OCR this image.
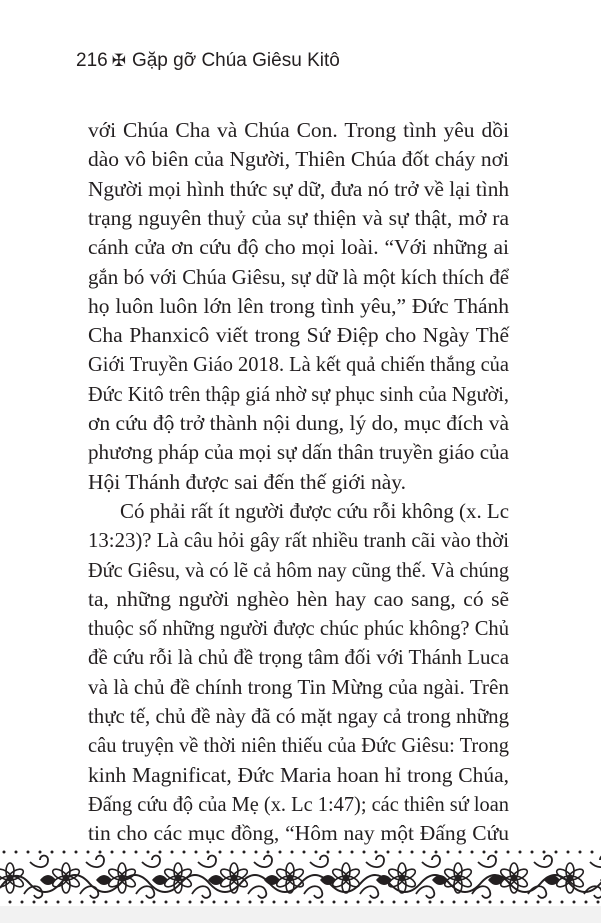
216 ✠ Gặp gỡ Chúa Giêsu Kitô
với Chúa Cha và Chúa Con. Trong tình yêu dồi
dào vô biên của Người, Thiên Chúa đốt cháy nơi
Người mọi hình thức sự dữ, đưa nó trở về lại tình
trạng nguyên thuỷ của sự thiện và sự thật, mở ra
cánh cửa ơn cứu độ cho mọi loài. “Với những ai
gắn bó với Chúa Giêsu, sự dữ là một kích thích để
họ luôn luôn lớn lên trong tình yêu,” Đức Thánh
Cha Phanxicô viết trong Sứ Điệp cho Ngày Thế
Giới Truyền Giáo 2018. Là kết quả chiến thắng của
Đức Kitô trên thập giá nhờ sự phục sinh của Người,
ơn cứu độ trở thành nội dung, lý do, mục đích và
phương pháp của mọi sự dấn thân truyền giáo của
Hội Thánh được sai đến thế giới này.
Có phải rất ít người được cứu rỗi không (x. Lc
13:23)? Là câu hỏi gây rất nhiều tranh cãi vào thời
Đức Giêsu, và có lẽ cả hôm nay cũng thế. Và chúng
ta, những người nghèo hèn hay cao sang, có sẽ
thuộc số những người được chúc phúc không? Chủ
đề cứu rỗi là chủ đề trọng tâm đối với Thánh Luca
và là chủ đề chính trong Tin Mừng của ngài. Trên
thực tế, chủ đề này đã có mặt ngay cả trong những
câu truyện về thời niên thiếu của Đức Giêsu: Trong
kinh Magnificat, Đức Maria hoan hỉ trong Chúa,
Đấng cứu độ của Mẹ (x. Lc 1:47); các thiên sứ loan
tin cho các mục đồng, “Hôm nay một Đấng Cứu
